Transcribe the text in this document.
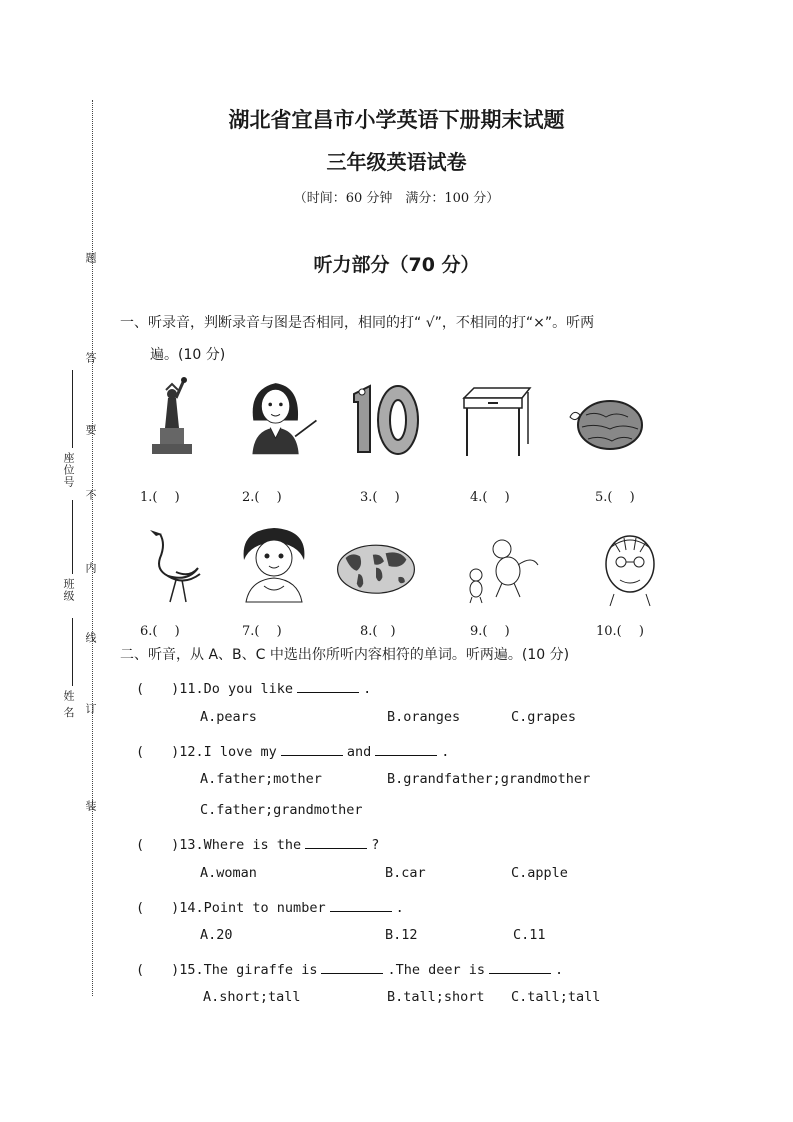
题
答
要
不
内
线
订
装
座位号
班级
姓 名
湖北省宜昌市小学英语下册期末试题
三年级英语试卷
（时间：60 分钟　满分：100 分）
听力部分（70 分）
一、听录音，判断录音与图是否相同，相同的打“ √”，不相同的打“×”。听两
遍。(10 分)
1.(　 )	2.(　 )	3.(　 )	4.(　 )	5.(　 )
6.(　 )	7.(　 )	8.(　)	9.(　 )	10.(　 )
二、听音，从 A、B、C 中选出你所听内容相符的单词。听两遍。(10 分)
(　　)11.Do you like	.
A.pears	B.oranges	C.grapes
(　　)12.I love my	and	.
A.father;mother	B.grandfather;grandmother
C.father;grandmother
(　　)13.Where is the	?
A.woman	B.car	C.apple
(　　)14.Point to number	.
A.20	B.12	C.11
(　　)15.The giraffe is	.The deer is	.
A.short;tall	B.tall;short C.tall;tall
